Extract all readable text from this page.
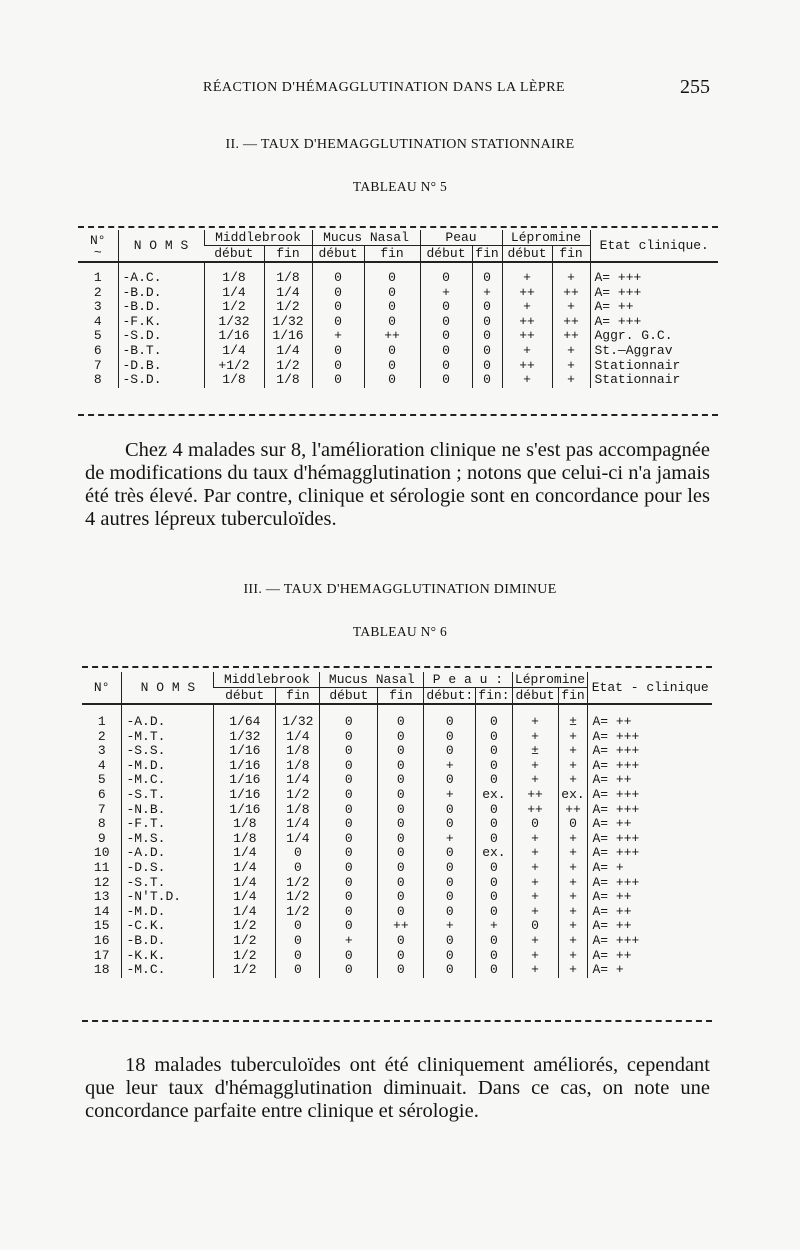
RÉACTION D'HÉMAGGLUTINATION DANS LA LÈPRE	255
II. — TAUX D'HEMAGGLUTINATION STATIONNAIRE
TABLEAU N° 5
N°
~	N O M S	Middlebrook		Mucus Nasal		Peau		Lépromine		Etat clinique.
		début	fin	début	fin	début	fin	début	fin	
1	-A.C.	1/8	1/8	0	0	0	0	+	+	A= +++
2	-B.D.	1/4	1/4	0	0	+	+	++	++	A= +++
3	-B.D.	1/2	1/2	0	0	0	0	+	+	A= ++
4	-F.K.	1/32	1/32	0	0	0	0	++	++	A= +++
5	-S.D.	1/16	1/16	+	++	0	0	++	++	Aggr. G.C.
6	-B.T.	1/4	1/4	0	0	0	0	+	+	St.—Aggrav
7	-D.B.	+1/2	1/2	0	0	0	0	++	+	Stationnair
8	-S.D.	1/8	1/8	0	0	0	0	+	+	Stationnair

Chez 4 malades sur 8, l'amélioration clinique ne s'est pas accompagnée de modifications du taux d'hémagglutination ; notons que celui-ci n'a jamais été très élevé. Par contre, clinique et sérologie sont en concordance pour les 4 autres lépreux tuberculoïdes.

III. — TAUX D'HEMAGGLUTINATION DIMINUE
TABLEAU N° 6
N°	N O M S	Middlebrook		Mucus Nasal		P e a u :		Lépromine		Etat - clinique
		début	fin	début	fin	début:	fin:	début	fin	
1	-A.D.	1/64	1/32	0	0	0	0	+	±	A= ++
2	-M.T.	1/32	1/4	0	0	0	0	+	+	A= +++
3	-S.S.	1/16	1/8	0	0	0	0	±	+	A= +++
4	-M.D.	1/16	1/8	0	0	+	0	+	+	A= +++
5	-M.C.	1/16	1/4	0	0	0	0	+	+	A= ++
6	-S.T.	1/16	1/2	0	0	+	ex.	++	ex.	A= +++
7	-N.B.	1/16	1/8	0	0	0	0	++	++	A= +++
8	-F.T.	1/8	1/4	0	0	0	0	0	0	A= ++
9	-M.S.	1/8	1/4	0	0	+	0	+	+	A= +++
10	-A.D.	1/4	0	0	0	0	ex.	+	+	A= +++
11	-D.S.	1/4	0	0	0	0	0	+	+	A= +
12	-S.T.	1/4	1/2	0	0	0	0	+	+	A= +++
13	-N'T.D.	1/4	1/2	0	0	0	0	+	+	A= ++
14	-M.D.	1/4	1/2	0	0	0	0	+	+	A= ++
15	-C.K.	1/2	0	0	++	+	+	0	+	A= ++
16	-B.D.	1/2	0	+	0	0	0	+	+	A= +++
17	-K.K.	1/2	0	0	0	0	0	+	+	A= ++
18	-M.C.	1/2	0	0	0	0	0	+	+	A= +

18 malades tuberculoïdes ont été cliniquement améliorés, cependant que leur taux d'hémagglutination diminuait. Dans ce cas, on note une concordance parfaite entre clinique et sérologie.
